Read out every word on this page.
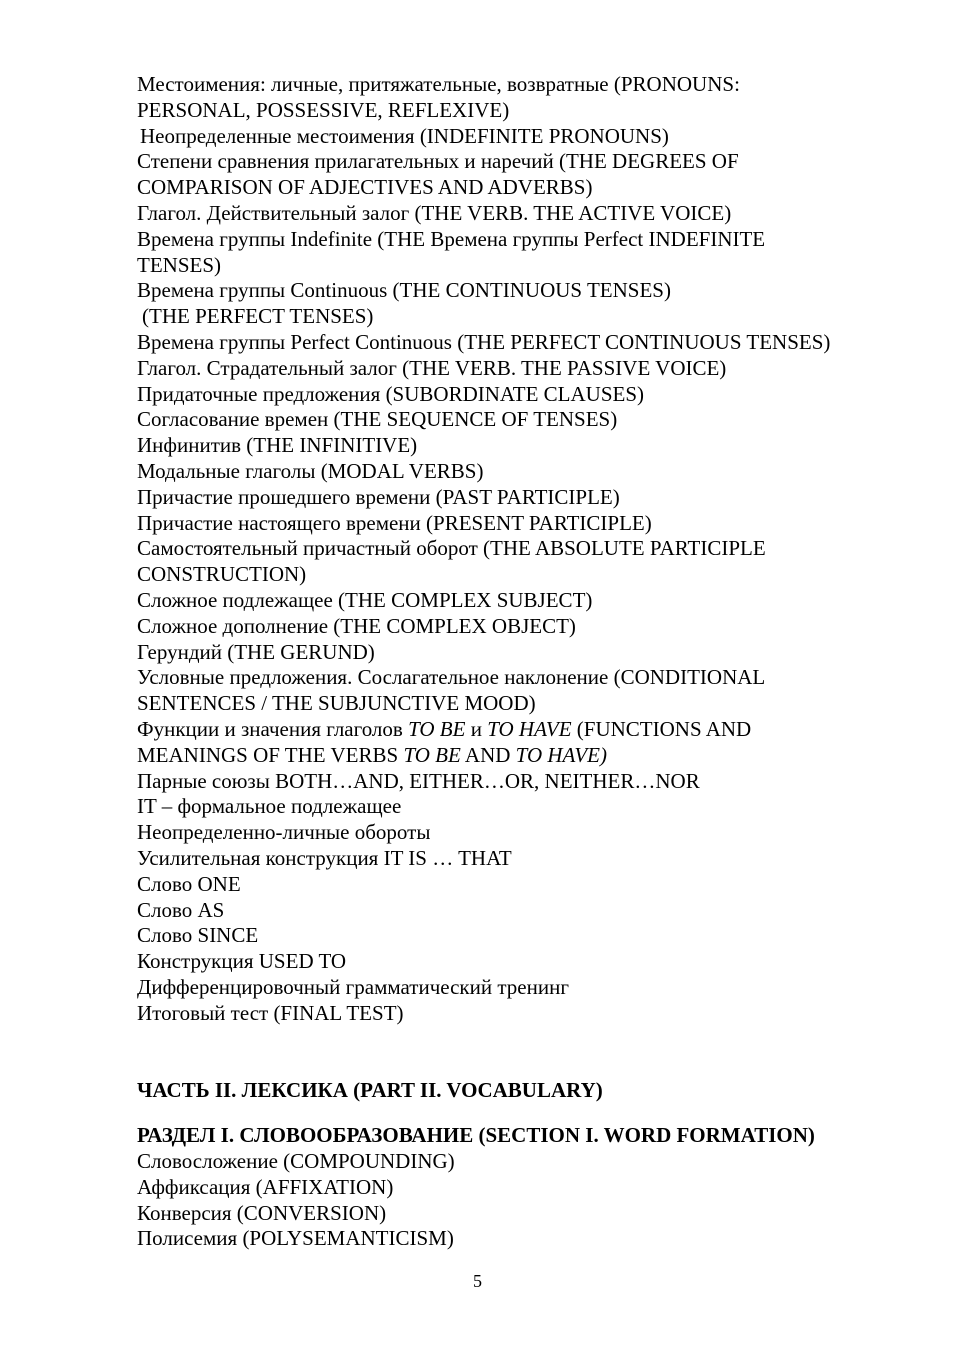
Местоимения: личные, притяжательные, возвратные (PRONOUNS:
PERSONAL, POSSESSIVE, REFLEXIVE)
Неопределенные местоимения (INDEFINITE PRONOUNS)
Степени сравнения прилагательных и наречий (THE DEGREES OF
COMPARISON OF ADJECTIVES AND ADVERBS)
Глагол. Действительный залог (THE VERB. THE ACTIVE VOICE)
Времена группы Indefinite (THE Времена группы Perfect INDEFINITE
TENSES)
Времена группы Continuous (THE CONTINUOUS TENSES)
(THE PERFECT TENSES)
Времена группы Perfect Continuous (THE PERFECT CONTINUOUS TENSES)
Глагол. Страдательный залог (THE VERB. THE PASSIVE VOICE)
Придаточные предложения (SUBORDINATE CLAUSES)
Согласование времен (THE SEQUENCE OF TENSES)
Инфинитив (THE INFINITIVE)
Модальные глаголы (MODAL VERBS)
Причастие прошедшего времени (PAST PARTICIPLE)
Причастие настоящего времени (PRESENT PARTICIPLE)
Самостоятельный причастный оборот (THE ABSOLUTE PARTICIPLE
CONSTRUCTION)
Сложное подлежащее (THE COMPLEX SUBJECT)
Сложное дополнение (THE COMPLEX OBJECT)
Герундий (THE GERUND)
Условные предложения. Сослагательное наклонение (CONDITIONAL
SENTENCES / THE SUBJUNCTIVE MOOD)
Функции и значения глаголов TO BE и TO HAVE (FUNCTIONS AND
MEANINGS OF THE VERBS TO BE AND TO HAVE)
Парные союзы BOTH…AND, EITHER…OR, NEITHER…NOR
IT – формальное подлежащее
Неопределенно-личные обороты
Усилительная конструкция IT IS … THAT
Слово ONE
Слово AS
Слово SINCE
Конструкция USED TO
Дифференцировочный грамматический тренинг
Итоговый тест (FINAL TEST)
ЧАСТЬ II. ЛЕКСИКА (PART II. VOCABULARY)
РАЗДЕЛ I. СЛОВООБРАЗОВАНИЕ (SECTION I. WORD FORMATION)
Словосложение (COMPOUNDING)
Аффиксация (AFFIXATION)
Конверсия (CONVERSION)
Полисемия (POLYSEMANTICISM)
5
